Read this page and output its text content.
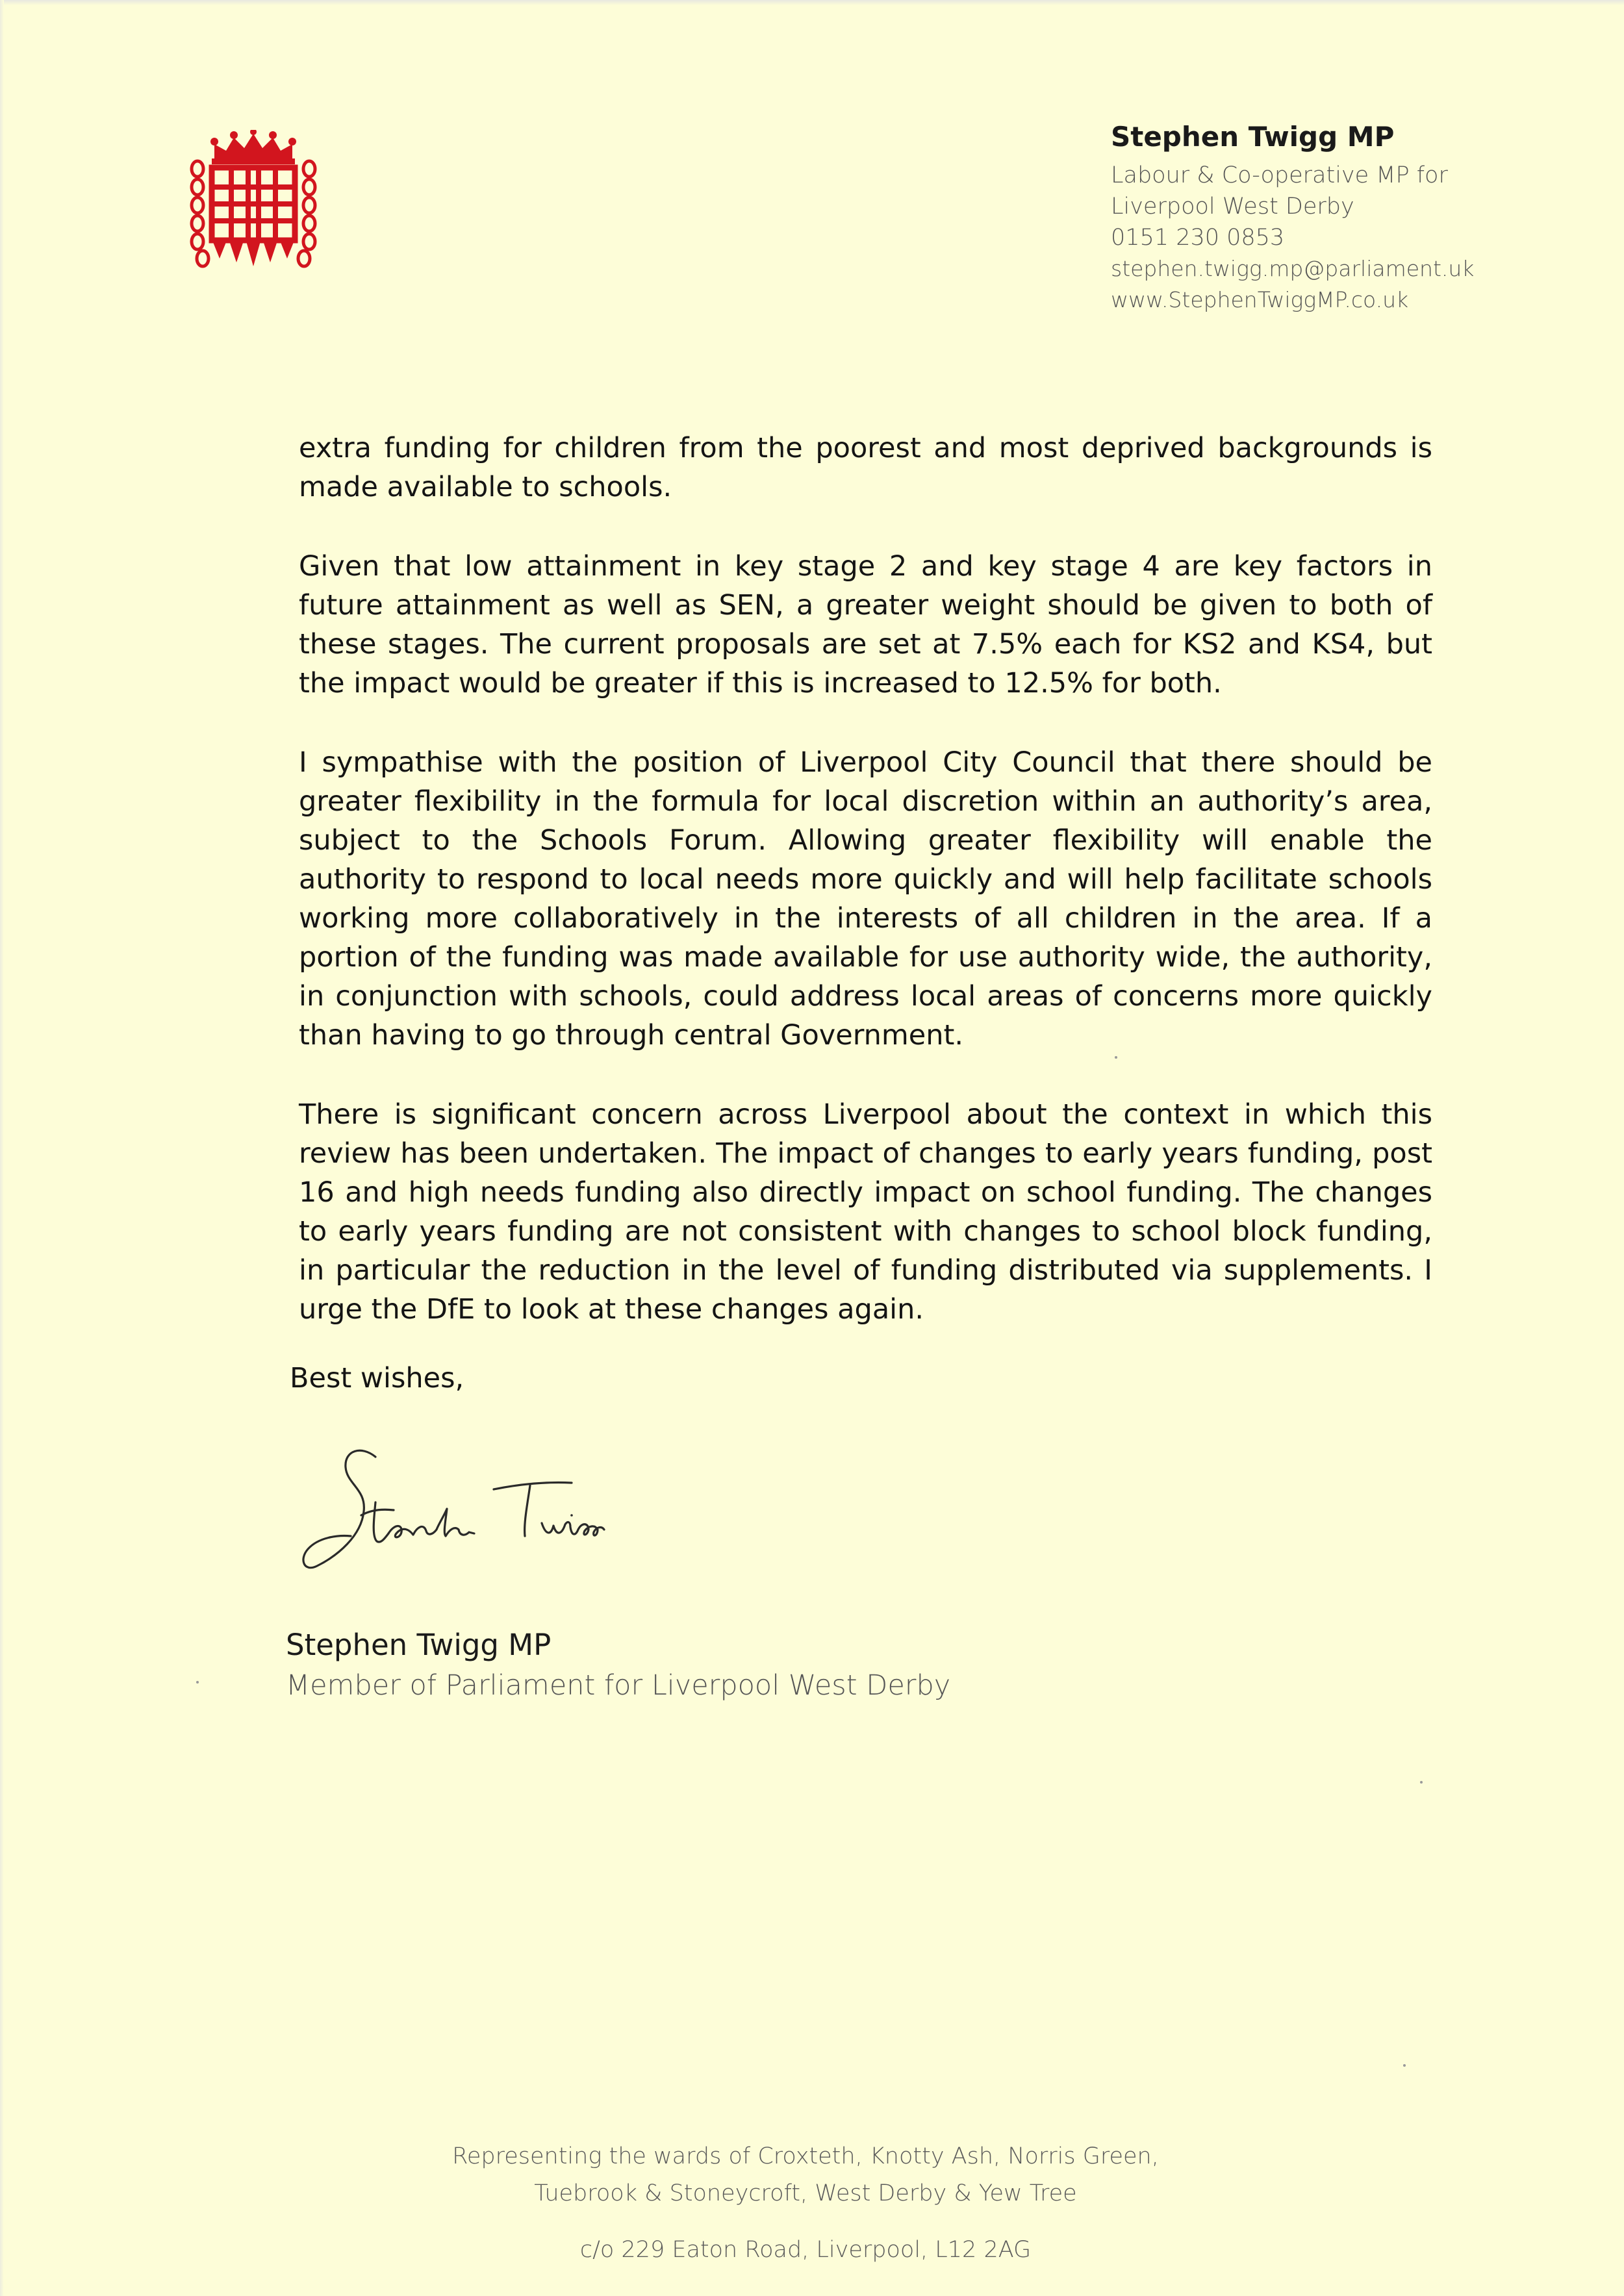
Stephen Twigg MP
Labour & Co-operative MP for
Liverpool West Derby
0151 230 0853
stephen.twigg.mp@parliament.uk
www.StephenTwiggMP.co.uk

extra funding for children from the poorest and most deprived backgrounds is made available to schools.

Given that low attainment in key stage 2 and key stage 4 are key factors in future attainment as well as SEN, a greater weight should be given to both of these stages. The current proposals are set at 7.5% each for KS2 and KS4, but the impact would be greater if this is increased to 12.5% for both.

I sympathise with the position of Liverpool City Council that there should be greater flexibility in the formula for local discretion within an authority’s area, subject to the Schools Forum. Allowing greater flexibility will enable the authority to respond to local needs more quickly and will help facilitate schools working more collaboratively in the interests of all children in the area. If a portion of the funding was made available for use authority wide, the authority, in conjunction with schools, could address local areas of concerns more quickly than having to go through central Government.

There is significant concern across Liverpool about the context in which this review has been undertaken. The impact of changes to early years funding, post 16 and high needs funding also directly impact on school funding. The changes to early years funding are not consistent with changes to school block funding, in particular the reduction in the level of funding distributed via supplements. I urge the DfE to look at these changes again.

Best wishes,
Stephen Twigg MP
Member of Parliament for Liverpool West Derby
Representing the wards of Croxteth, Knotty Ash, Norris Green,
Tuebrook & Stoneycroft, West Derby & Yew Tree
c/o 229 Eaton Road, Liverpool, L12 2AG
